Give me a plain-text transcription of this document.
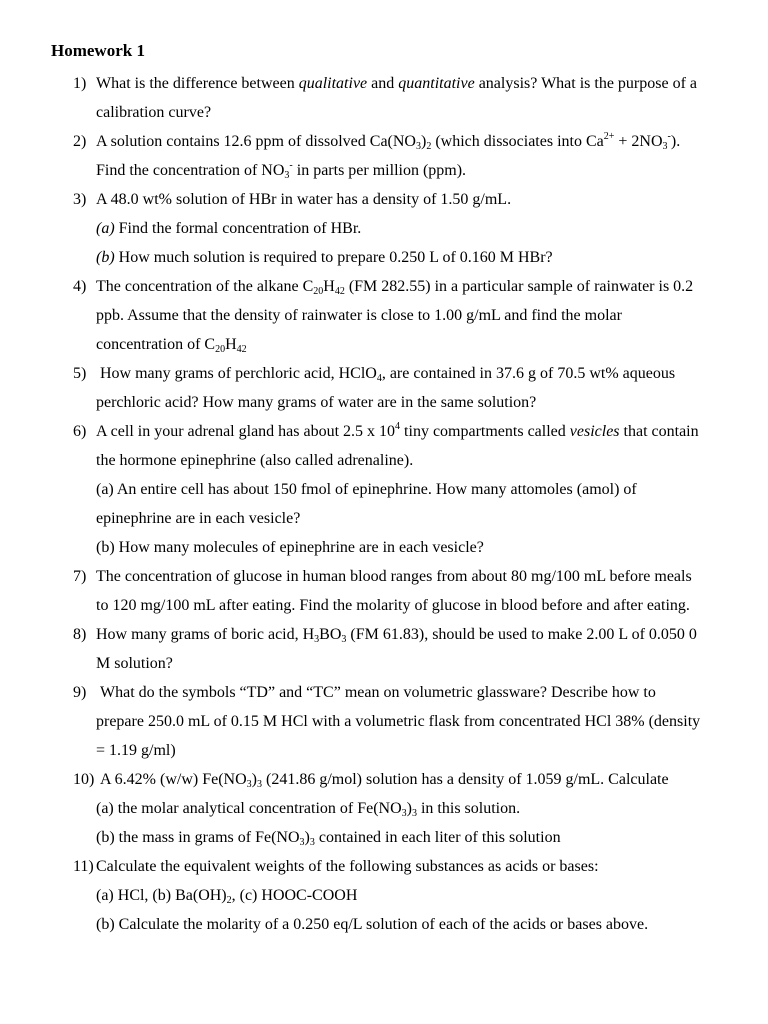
Homework 1
1) What is the difference between qualitative and quantitative analysis? What is the purpose of a
calibration curve?
2) A solution contains 12.6 ppm of dissolved Ca(NO3)2 (which dissociates into $Ca^{2+} + 2NO3^-$).
Find the concentration of NO3- in parts per million (ppm).
3) A 48.0 wt% solution of HBr in water has a density of 1.50 g/mL.
(a) Find the formal concentration of HBr.
(b) How much solution is required to prepare 0.250 L of 0.160 M HBr?
4) The concentration of the alkane C20H42 (FM 282.55) in a particular sample of rainwater is 0.2
ppb. Assume that the density of rainwater is close to 1.00 g/mL and find the molar
concentration of C20H42
5) How many grams of perchloric acid, HClO4, are contained in 37.6 g of 70.5 wt% aqueous
perchloric acid? How many grams of water are in the same solution?
6) A cell in your adrenal gland has about 2.5 x $10^4$ tiny compartments called vesicles that contain
the hormone epinephrine (also called adrenaline).
(a) An entire cell has about 150 fmol of epinephrine. How many attomoles (amol) of
epinephrine are in each vesicle?
(b) How many molecules of epinephrine are in each vesicle?
7) The concentration of glucose in human blood ranges from about 80 mg/100 mL before meals
to 120 mg/100 mL after eating. Find the molarity of glucose in blood before and after eating.
8) How many grams of boric acid, H3BO3 (FM 61.83), should be used to make 2.00 L of 0.050 0
M solution?
9) What do the symbols “TD” and “TC” mean on volumetric glassware? Describe how to
prepare 250.0 mL of 0.15 M HCl with a volumetric flask from concentrated HCl 38% (density
= 1.19 g/ml)
10) A 6.42% (w/w) Fe(NO3)3 (241.86 g/mol) solution has a density of 1.059 g/mL. Calculate
(a) the molar analytical concentration of Fe(NO3)3 in this solution.
(b) the mass in grams of Fe(NO3)3 contained in each liter of this solution
11) Calculate the equivalent weights of the following substances as acids or bases:
(a) HCl, (b) Ba(OH)2, (c) HOOC-COOH
(b) Calculate the molarity of a 0.250 eq/L solution of each of the acids or bases above.
